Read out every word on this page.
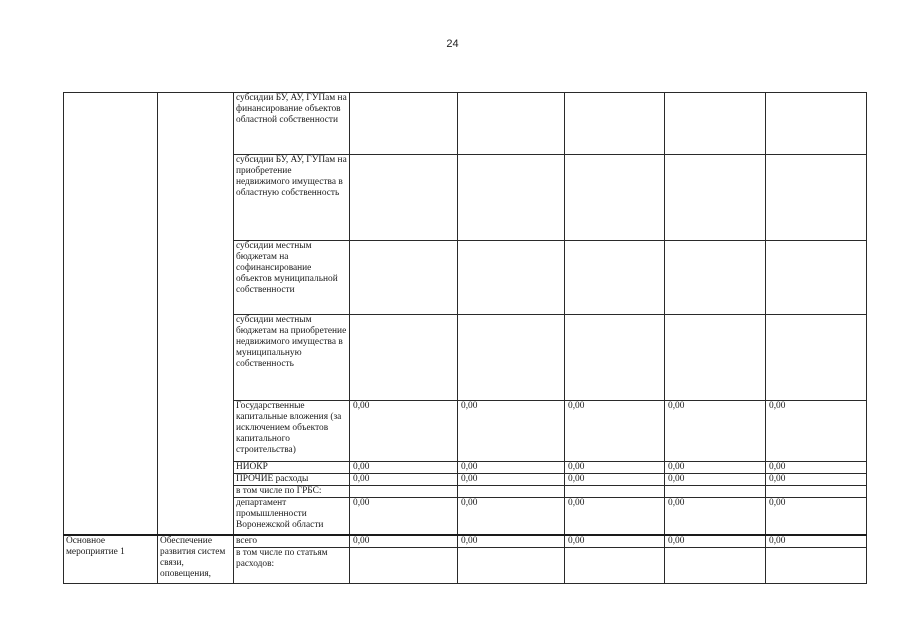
24
		субсидии БУ, АУ, ГУПам на финансирование объектов областной собственности					
		субсидии БУ, АУ, ГУПам на приобретение недвижимого имущества в областную собственность					
		субсидии местным бюджетам на софинансирование объектов муниципальной собственности					
		субсидии местным бюджетам на приобретение недвижимого имущества в муниципальную собственность					
		Государственные капитальные вложения (за исключением объектов капитального строительства)	0,00	0,00	0,00	0,00	0,00
		НИОКР	0,00	0,00	0,00	0,00	0,00
		ПРОЧИЕ расходы	0,00	0,00	0,00	0,00	0,00
		в том числе по ГРБС:					
		департамент промышленности Воронежской области	0,00	0,00	0,00	0,00	0,00
Основное мероприятие 1	Обеспечение развития систем связи, оповещения,	всего	0,00	0,00	0,00	0,00	0,00
		в том числе по статьям расходов:					
